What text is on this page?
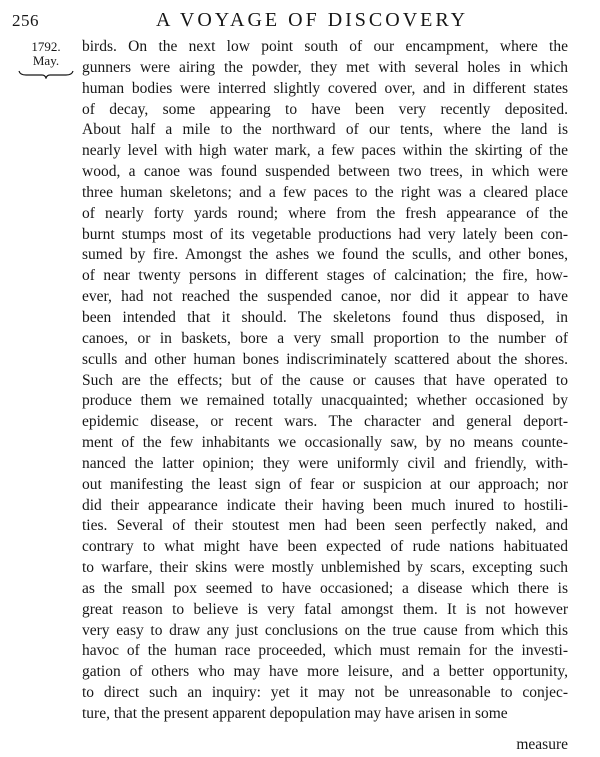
256	A VOYAGE OF DISCOVERY
1792.
May.
birds. On the next low point south of our encampment, where the
gunners were airing the powder, they met with several holes in which
human bodies were interred slightly covered over, and in different states
of decay, some appearing to have been very recently deposited.
About half a mile to the northward of our tents, where the land is
nearly level with high water mark, a few paces within the skirting of the
wood, a canoe was found suspended between two trees, in which were
three human skeletons; and a few paces to the right was a cleared place
of nearly forty yards round; where from the fresh appearance of the
burnt stumps most of its vegetable productions had very lately been con-
sumed by fire. Amongst the ashes we found the sculls, and other bones,
of near twenty persons in different stages of calcination; the fire, how-
ever, had not reached the suspended canoe, nor did it appear to have
been intended that it should. The skeletons found thus disposed, in
canoes, or in baskets, bore a very small proportion to the number of
sculls and other human bones indiscriminately scattered about the shores.
Such are the effects; but of the cause or causes that have operated to
produce them we remained totally unacquainted; whether occasioned by
epidemic disease, or recent wars. The character and general deport-
ment of the few inhabitants we occasionally saw, by no means counte-
nanced the latter opinion; they were uniformly civil and friendly, with-
out manifesting the least sign of fear or suspicion at our approach; nor
did their appearance indicate their having been much inured to hostili-
ties. Several of their stoutest men had been seen perfectly naked, and
contrary to what might have been expected of rude nations habituated
to warfare, their skins were mostly unblemished by scars, excepting such
as the small pox seemed to have occasioned; a disease which there is
great reason to believe is very fatal amongst them. It is not however
very easy to draw any just conclusions on the true cause from which this
havoc of the human race proceeded, which must remain for the investi-
gation of others who may have more leisure, and a better opportunity,
to direct such an inquiry: yet it may not be unreasonable to conjec-
ture, that the present apparent depopulation may have arisen in some
measure
